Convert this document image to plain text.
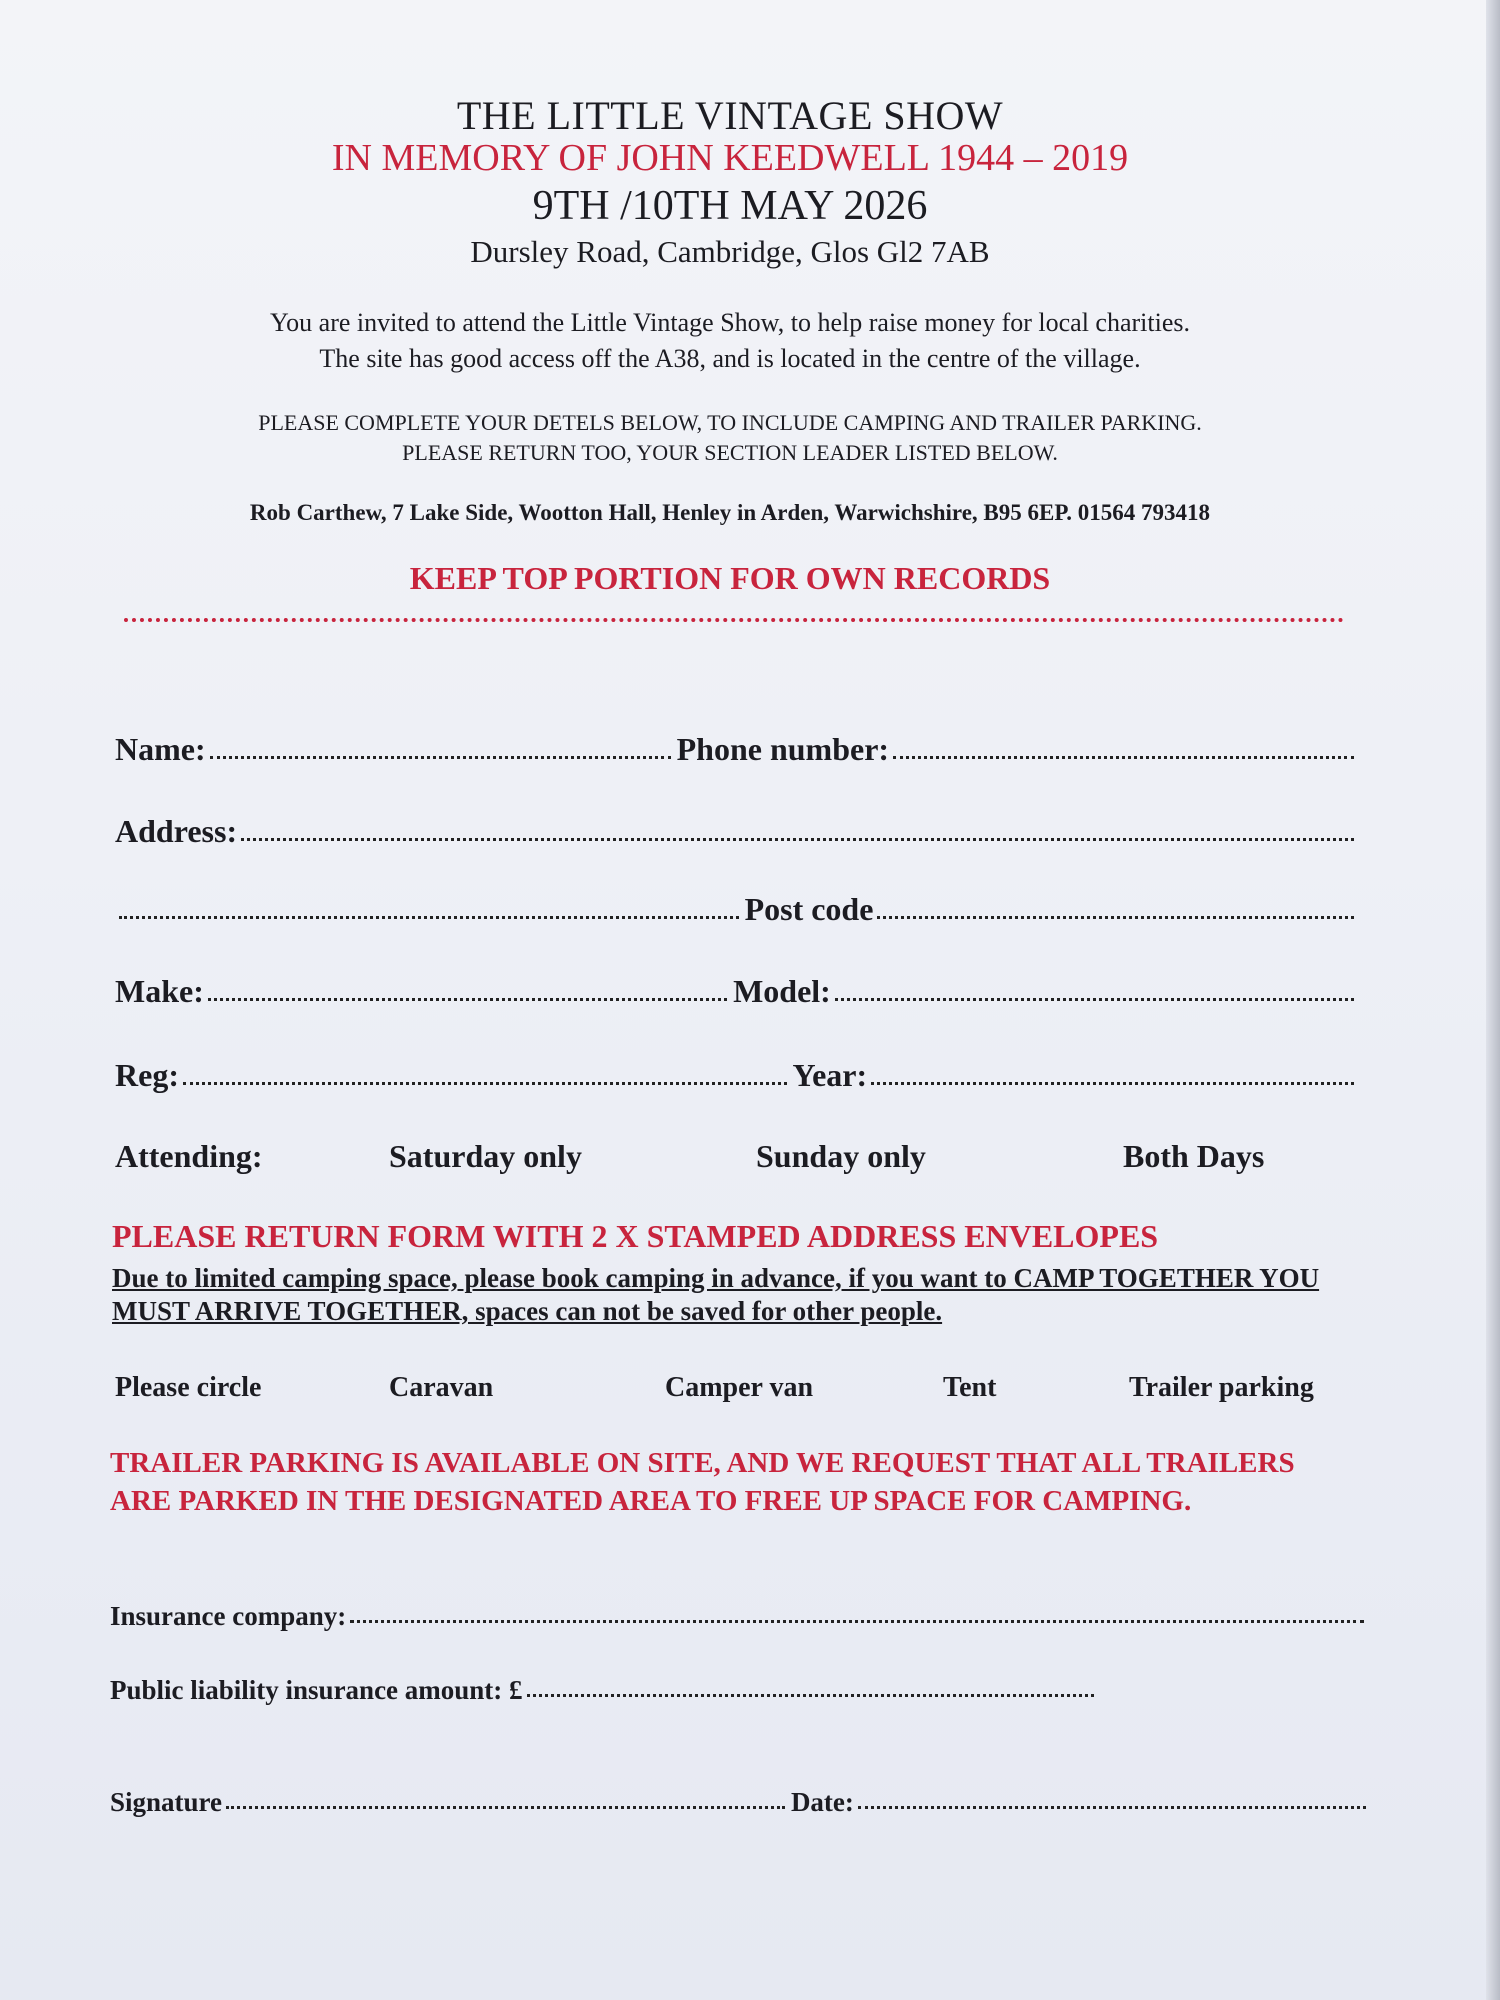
THE LITTLE VINTAGE SHOW
IN MEMORY OF JOHN KEEDWELL 1944 – 2019
9TH /10TH MAY 2026
Dursley Road, Cambridge, Glos Gl2 7AB
You are invited to attend the Little Vintage Show, to help raise money for local charities.
The site has good access off the A38, and is located in the centre of the village.
PLEASE COMPLETE YOUR DETELS BELOW, TO INCLUDE CAMPING AND TRAILER PARKING.
PLEASE RETURN TOO, YOUR SECTION LEADER LISTED BELOW.
Rob Carthew, 7 Lake Side, Wootton Hall, Henley in Arden, Warwichshire, B95 6EP. 01564 793418
KEEP TOP PORTION FOR OWN RECORDS
Name:	Phone number:
Address:
Post code
Make:	Model:
Reg:	Year:
Attending:	Saturday only	Sunday only	Both Days
PLEASE RETURN FORM WITH 2 X STAMPED ADDRESS ENVELOPES
Due to limited camping space, please book camping in advance, if you want to CAMP TOGETHER YOU MUST ARRIVE TOGETHER, spaces can not be saved for other people.
Please circle	Caravan	Camper van	Tent	Trailer parking
TRAILER PARKING IS AVAILABLE ON SITE, AND WE REQUEST THAT ALL TRAILERS ARE PARKED IN THE DESIGNATED AREA TO FREE UP SPACE FOR CAMPING.
Insurance company:
Public liability insurance amount: £
Signature	Date:
